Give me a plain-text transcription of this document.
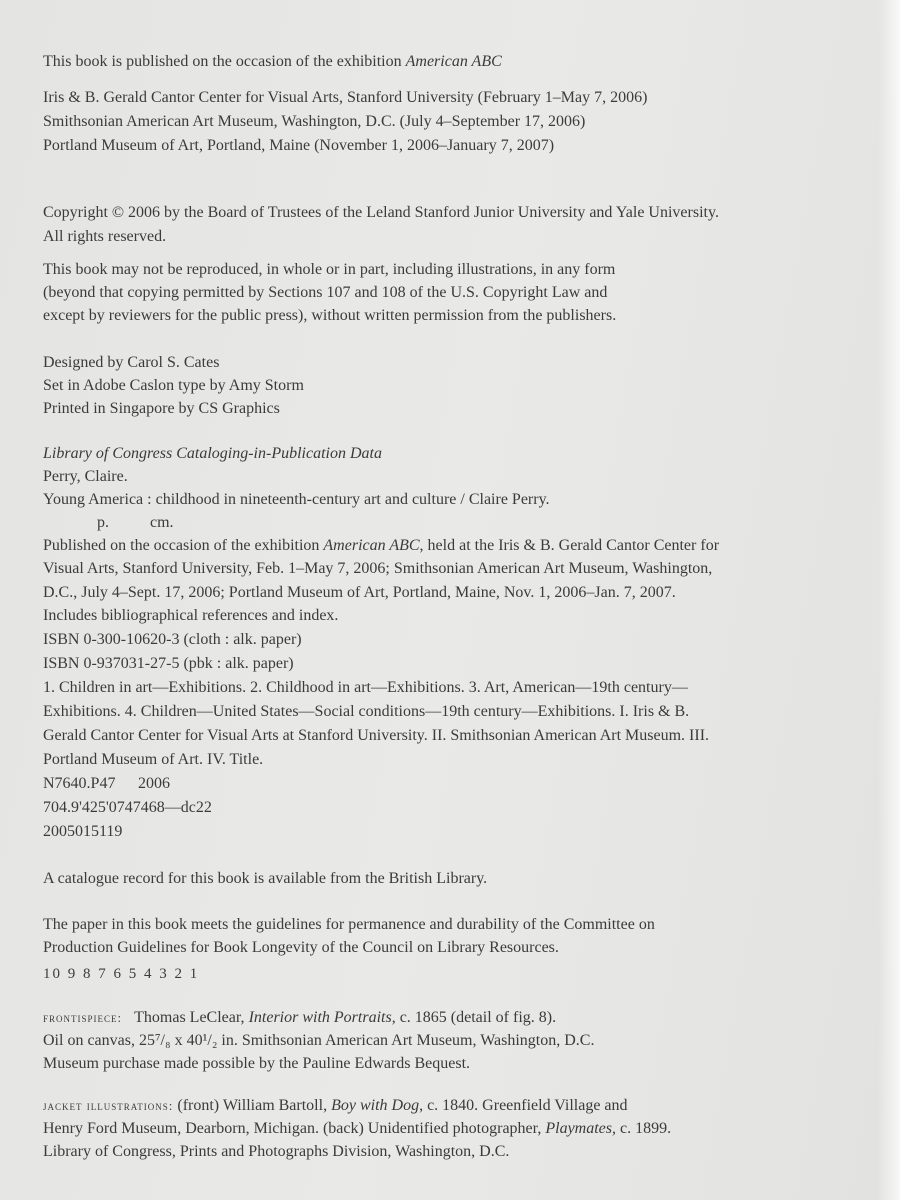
This book is published on the occasion of the exhibition American ABC
Iris & B. Gerald Cantor Center for Visual Arts, Stanford University (February 1–May 7, 2006)
Smithsonian American Art Museum, Washington, D.C. (July 4–September 17, 2006)
Portland Museum of Art, Portland, Maine (November 1, 2006–January 7, 2007)
Copyright © 2006 by the Board of Trustees of the Leland Stanford Junior University and Yale University.
All rights reserved.
This book may not be reproduced, in whole or in part, including illustrations, in any form
(beyond that copying permitted by Sections 107 and 108 of the U.S. Copyright Law and
except by reviewers for the public press), without written permission from the publishers.
Designed by Carol S. Cates
Set in Adobe Caslon type by Amy Storm
Printed in Singapore by CS Graphics
Library of Congress Cataloging-in-Publication Data
Perry, Claire.
Young America : childhood in nineteenth-century art and culture / Claire Perry.
p.	cm.
Published on the occasion of the exhibition American ABC, held at the Iris & B. Gerald Cantor Center for
Visual Arts, Stanford University, Feb. 1–May 7, 2006; Smithsonian American Art Museum, Washington,
D.C., July 4–Sept. 17, 2006; Portland Museum of Art, Portland, Maine, Nov. 1, 2006–Jan. 7, 2007.
Includes bibliographical references and index.
ISBN 0-300-10620-3 (cloth : alk. paper)
ISBN 0-937031-27-5 (pbk : alk. paper)
1. Children in art—Exhibitions. 2. Childhood in art—Exhibitions. 3. Art, American—19th century—
Exhibitions. 4. Children—United States—Social conditions—19th century—Exhibitions. I. Iris & B.
Gerald Cantor Center for Visual Arts at Stanford University. II. Smithsonian American Art Museum. III.
Portland Museum of Art. IV. Title.
N7640.P47 2006
704.9'425'0747468—dc22
2005015119
A catalogue record for this book is available from the British Library.
The paper in this book meets the guidelines for permanence and durability of the Committee on
Production Guidelines for Book Longevity of the Council on Library Resources.
10 9 8 7 6 5 4 3 2 1
frontispiece: Thomas LeClear, Interior with Portraits, c. 1865 (detail of fig. 8).
Oil on canvas, 25⁷/₈ x 40¹/₂ in. Smithsonian American Art Museum, Washington, D.C.
Museum purchase made possible by the Pauline Edwards Bequest.
jacket illustrations: (front) William Bartoll, Boy with Dog, c. 1840. Greenfield Village and
Henry Ford Museum, Dearborn, Michigan. (back) Unidentified photographer, Playmates, c. 1899.
Library of Congress, Prints and Photographs Division, Washington, D.C.
